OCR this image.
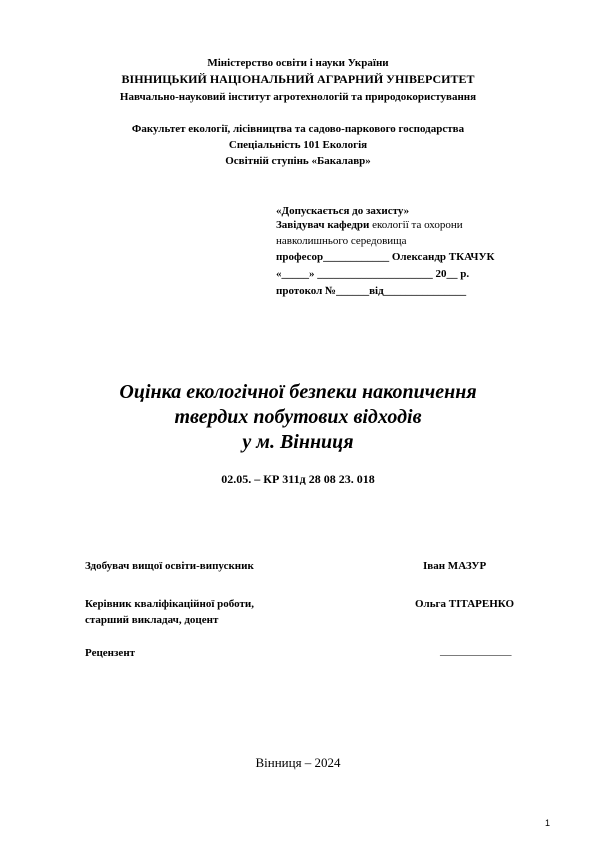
Міністерство освіти і науки України
ВІННИЦЬКИЙ НАЦІОНАЛЬНИЙ АГРАРНИЙ УНІВЕРСИТЕТ
Навчально-науковий інститут агротехнологій та природокористування
Факультет екології, лісівництва та садово-паркового господарства
Спеціальність 101 Екологія
Освітній ступінь «Бакалавр»
«Допускається до захисту»
Завідувач кафедри екології та охорони
навколишнього середовища
професор____________ Олександр ТКАЧУК
«_____» _____________________ 20__ р.
протокол №______від_______________
Оцінка екологічної безпеки накопичення
твердих побутових відходів
у м. Вінниця
02.05. – КР 311д 28 08 23. 018
Здобувач вищої освіти-випускник	Іван МАЗУР
Керівник кваліфікаційної роботи,
старший викладач, доцент
Ольга ТІТАРЕНКО
Рецензент	_____________
Вінниця – 2024
1
